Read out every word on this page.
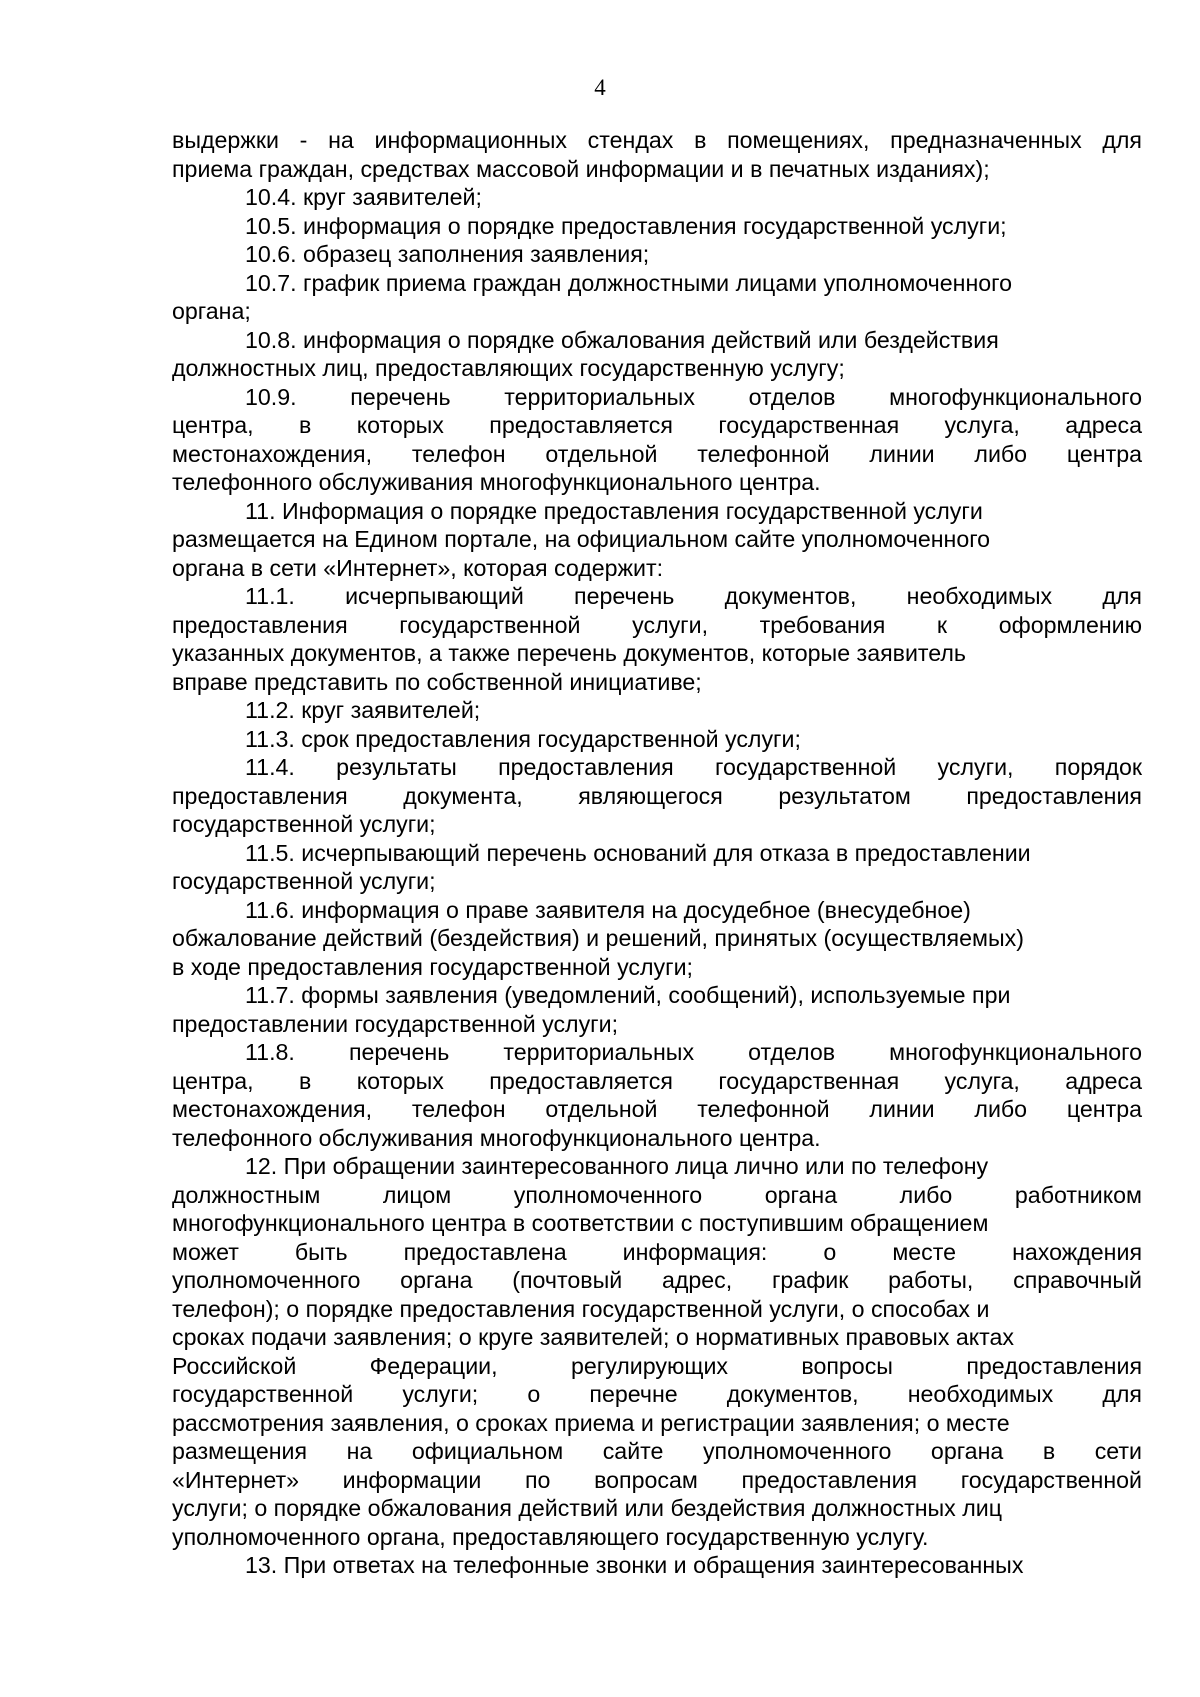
4
выдержки - на информационных стендах в помещениях, предназначенных для
приема граждан, средствах массовой информации и в печатных изданиях);
10.4. круг заявителей;
10.5. информация о порядке предоставления государственной услуги;
10.6. образец заполнения заявления;
10.7. график приема граждан должностными лицами уполномоченного
органа;
10.8. информация о порядке обжалования действий или бездействия
должностных лиц, предоставляющих государственную услугу;
10.9. перечень территориальных отделов многофункционального
центра, в которых предоставляется государственная услуга, адреса
местонахождения, телефон отдельной телефонной линии либо центра
телефонного обслуживания многофункционального центра.
11. Информация о порядке предоставления государственной услуги
размещается на Едином портале, на официальном сайте уполномоченного
органа в сети «Интернет», которая содержит:
11.1. исчерпывающий перечень документов, необходимых для
предоставления государственной услуги, требования к оформлению
указанных документов, а также перечень документов, которые заявитель
вправе представить по собственной инициативе;
11.2. круг заявителей;
11.3. срок предоставления государственной услуги;
11.4. результаты предоставления государственной услуги, порядок
предоставления документа, являющегося результатом предоставления
государственной услуги;
11.5. исчерпывающий перечень оснований для отказа в предоставлении
государственной услуги;
11.6. информация о праве заявителя на досудебное (внесудебное)
обжалование действий (бездействия) и решений, принятых (осуществляемых)
в ходе предоставления государственной услуги;
11.7. формы заявления (уведомлений, сообщений), используемые при
предоставлении государственной услуги;
11.8. перечень территориальных отделов многофункционального
центра, в которых предоставляется государственная услуга, адреса
местонахождения, телефон отдельной телефонной линии либо центра
телефонного обслуживания многофункционального центра.
12. При обращении заинтересованного лица лично или по телефону
должностным лицом уполномоченного органа либо работником
многофункционального центра в соответствии с поступившим обращением
может быть предоставлена информация: о месте нахождения
уполномоченного органа (почтовый адрес, график работы, справочный
телефон); о порядке предоставления государственной услуги, о способах и
сроках подачи заявления; о круге заявителей; о нормативных правовых актах
Российской Федерации, регулирующих вопросы предоставления
государственной услуги; о перечне документов, необходимых для
рассмотрения заявления, о сроках приема и регистрации заявления; о месте
размещения на официальном сайте уполномоченного органа в сети
«Интернет» информации по вопросам предоставления государственной
услуги; о порядке обжалования действий или бездействия должностных лиц
уполномоченного органа, предоставляющего государственную услугу.
13. При ответах на телефонные звонки и обращения заинтересованных
